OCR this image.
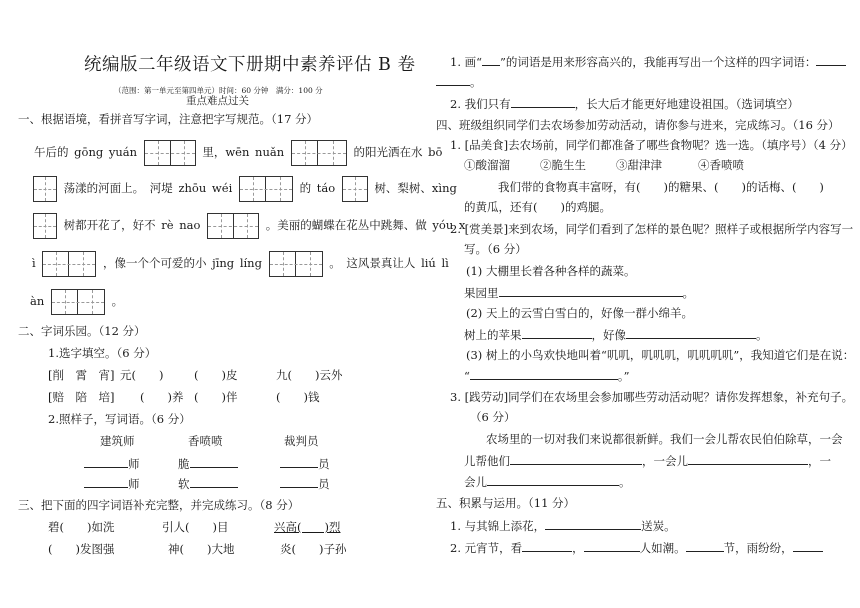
统编版二年级语文下册期中素养评估 B 卷
（范围：第一单元至第四单元）时间：60 分钟　满分：100 分
重点难点过关
一、根据语境，看拼音写字词，注意把字写规范。（17 分）
午后的 gōng yuán	里，wēn nuǎn	的阳光洒在水 bō
荡漾的河面上。 河堤 zhōu wéi	的 táo	树、梨树、xìng
树都开花了，好不 rè nao	。美丽的蝴蝶在花丛中跳舞、做 yóu x
ì	，像一个个可爱的小 jīng líng	。 这风景真让人 liú lì
àn	。
二、字词乐园。（12 分）
1.选字填空。（6 分）
[削　霄　宵] 元(　　)	(　　)皮	九(　　)云外
[赔　陪　培] (　　)养 (　　)伴	(　　)钱
2.照样子，写词语。（6 分）
建筑师	香喷喷	裁判员
师	脆	员
师	软	员
三、把下面的四字词语补充完整，并完成练习。（8 分）
碧(　　)如洗	引人(　　)目	兴高(　　)烈
(　　)发图强	神(　　)大地	炎(　　)子孙
1. 画“ ”的词语是用来形容高兴的，我能再写出一个这样的四字词语：
。
2. 我们只有	，长大后才能更好地建设祖国。（选词填空）
四、班级组织同学们去农场参加劳动活动，请你参与进来，完成练习。（16 分）
1. [品美食]去农场前，同学们都准备了哪些食物呢？选一选。（填序号）（4 分）
①酸溜溜	②脆生生	③甜津津	④香喷喷
我们带的食物真丰富呀，有(　　)的糖果、(　　)的话梅、(　　)
的黄瓜，还有(　　)的鸡腿。
2. [赏美景]来到农场，同学们看到了怎样的景色呢？照样子或根据所学内容写一
写。（6 分）
(1) 大棚里长着各种各样的蔬菜。
果园里	。
(2) 天上的云雪白雪白的，好像一群小绵羊。
树上的苹果	，好像	。
(3) 树上的小鸟欢快地叫着“叽叽，叽叽叽，叽叽叽叽”，我知道它们是在说：
“	。”
3. [践劳动]同学们在农场里会参加哪些劳动活动呢？请你发挥想象，补充句子。
（6 分）
农场里的一切对我们来说都很新鲜。我们一会儿帮农民伯伯除草，一会
儿帮他们	，一会儿	，一
会儿	。
五、积累与运用。（11 分）
1. 与其锦上添花，	送炭。
2. 元宵节，看	，	人如潮。	节，雨纷纷，
